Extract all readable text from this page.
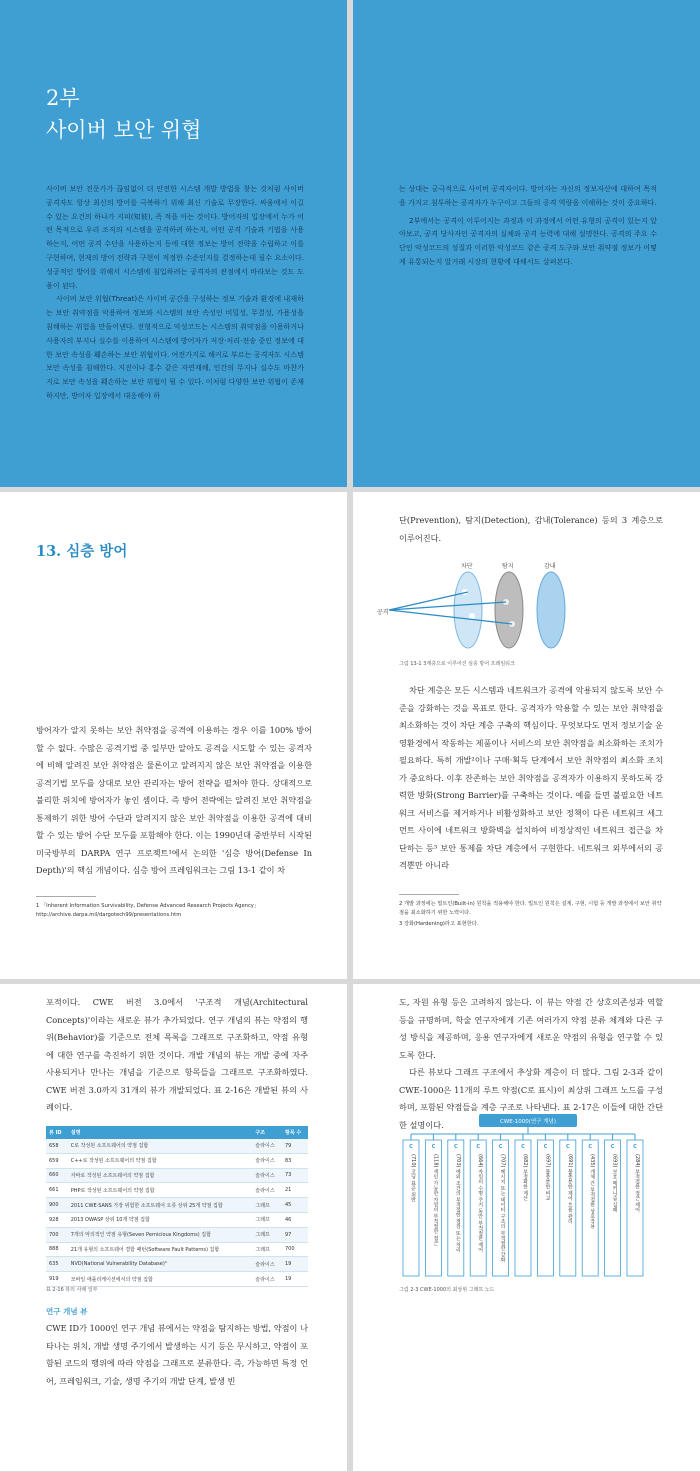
2부
사이버 보안 위협

사이버 보안 전문가가 끊임없이 더 안전한 시스템 개발 방법을 찾는 것처럼 사이버 공격자도 항상 최신의 방어를 극복하기 위해 최신 기술로 무장한다. 싸움에서 이길 수 있는 요건의 하나가 지피(知彼), 즉 적을 아는 것이다. 방어자의 입장에서 누가 어떤 목적으로 우리 조직의 시스템을 공격하려 하는지, 어떤 공격 기술과 기법을 사용하는지, 어떤 공격 수단을 사용하는지 등에 대한 정보는 방어 전략을 수립하고 이를 구현하며, 현재의 방어 전략과 구현이 적정한 수준인지를 결정하는데 필수 요소이다. 성공적인 방어를 위해서 시스템에 침입하려는 공격자의 관점에서 바라보는 것도 도움이 된다.

사이버 보안 위협(Threat)은 사이버 공간을 구성하는 정보 기술과 환경에 내재하는 보안 취약점을 악용하여 정보와 시스템의 보안 속성인 비밀성, 무결성, 가용성을 침해하는 위험을 만들어낸다. 전형적으로 악성코드는 시스템의 취약점을 이용하거나 사용자의 부지나 실수를 이용하여 시스템에 방어자가 저장·처리·전송 중인 정보에 대한 보안 속성을 훼손하는 보안 위협이다. 여전가지로 해커로 부르는 공격자도 시스템 보안 속성을 침해한다. 지진이나 홍수 같은 자연재해, 인간의 무지나 실수도 마찬가지로 보안 속성을 훼손하는 보안 위협이 될 수 있다. 이처럼 다양한 보안 위협이 존재하지만, 방어자 입장에서 대응해야 하

는 상대는 궁극적으로 사이버 공격자이다. 방어자는 자신의 정보자산에 대하여 목적을 가지고 침투하는 공격자가 누구이고 그들의 공격 역량을 이해하는 것이 중요하다.

2부에서는 공격이 이루어지는 과정과 이 과정에서 어떤 유형의 공격이 있는지 알아보고, 공격 당사자인 공격자의 실체와 공격 능력에 대해 설명한다. 공격의 주요 수단인 악성코드의 성질과 이러한 악성코드 같은 공격 도구와 보안 취약점 정보가 어떻게 유통되는지 알거래 시장의 현황에 대해서도 살펴본다.

13. 심층 방어

방어자가 알지 못하는 보안 취약점을 공격에 이용하는 경우 이를 100% 방어할 수 없다. 수많은 공격기법 중 일부만 알아도 공격을 시도할 수 있는 공격자에 비해 알려진 보안 취약점은 물론이고 알려지지 않은 보안 취약점을 이용한 공격기법 모두를 상대로 보안 관리자는 방어 전략을 펼쳐야 한다. 상대적으로 불리한 위치에 방어자가 놓인 셈이다. 즉 방어 전략에는 알려진 보안 취약점을 통제하기 위한 방어 수단과 알려지지 않은 보안 취약점을 이용한 공격에 대비할 수 있는 방어 수단 모두를 포함해야 한다. 이는 1990년대 중반부터 시작된 미국방부의 DARPA 연구 프로젝트¹에서 논의한 '심층 방어(Defense In Depth)'의 핵심 개념이다. 심층 방어 프레임워크는 그림 13-1 같이 차

1 「Inherent Information Survivability, Defense Advanced Research Projects Agency」 http://archive.darpa.mil/dargotech99/presentations.htm

단(Prevention), 탐지(Detection), 감내(Tolerance) 등의 3 계층으로 이루어진다.

차단	탐지	감내
공격
그림 13-1 3계층으로 이루어진 심층 방어 프레임워크

차단 계층은 모든 시스템과 네트워크가 공격에 악용되지 않도록 보안 수준을 강화하는 것을 목표로 한다. 공격자가 악용할 수 있는 보안 취약점을 최소화하는 것이 차단 계층 구축의 핵심이다. 무엇보다도 먼저 정보기술 운영환경에서 작동하는 제품이나 서비스의 보안 취약점을 최소화하는 조치가 필요하다. 특히 개발²이나 구매·획득 단계에서 보안 취약점의 최소화 조치가 중요하다. 이후 잔존하는 보안 취약점을 공격자가 이용하지 못하도록 강력한 방화(Strong Barrier)를 구축하는 것이다. 예를 들면 불필요한 네트워크 서비스를 제거하거나 비활성화하고 보안 정책이 다른 네트워크 세그먼트 사이에 네트워크 방화벽을 설치하여 비정상적인 네트워크 접근을 차단하는 등³ 보안 통제를 차단 계층에서 구현한다. 네트워크 외부에서의 공격뿐만 아니라

2 개발 과정에는 빌트인(Built-in) 원칙을 적용해야 한다. 빌트인 원칙은 설계, 구현, 시험 등 개발 과정에서 보안 취약점을 최소화하기 위한 노력이다.
3 강화(Hardening)라고 표현한다.

포적이다. CWE 버전 3.0에서 '구조적 개념(Architectural Concepts)'이라는 새로운 뷰가 추가되었다. 연구 개념의 뷰는 약점의 행위(Behavior)를 기준으로 전체 목록을 그래프로 구조화하고, 약점 유형에 대한 연구를 촉진하기 위한 것이다. 개발 개념의 뷰는 개발 중에 자주 사용되거나 만나는 개념을 기준으로 항목들을 그래프로 구조화하였다. CWE 버전 3.0까지 31개의 뷰가 개발되었다. 표 2-16은 개발된 뷰의 사례이다.

뷰 ID	설명	구조	항목 수
658	C로 작성된 소프트웨어의 약점 집합	슬라이스	79
659	C++로 작성된 소프트웨어의 약점 집합	슬라이스	83
660	자바로 작성된 소프트웨어의 약점 집합	슬라이스	73
661	PHP로 작성된 소프트웨어의 약점 집합	슬라이스	21
900	2011 CWE·SANS 가장 위험한 소프트웨어 오류 상위 25개 약점 집합	그래프	45
928	2013 OWASP 상위 10개 약점 집합	그래프	46
700	7개의 악의적인 약점 유형(Seven Pernicious Kingdoms) 집합	그래프	97
888	21개 유형의 소프트웨어 결함 패턴(Software Fault Patterns) 집합	그래프	700
635	NVD(National Vulnerability Database)⁴	슬라이스	19
919	모바일 애플리케이션에서의 약점 집합	슬라이스	19
표 2-16 뷰의 사례 일부
연구 개념 뷰

CWE ID가 1000인 연구 개념 뷰에서는 약점을 탐지하는 방법, 약점이 나타나는 위치, 개발 생명 주기에서 발생하는 시기 등은 무시하고, 약점이 포함된 코드의 행위에 따라 약점을 그래프로 분류한다. 즉, 가능하면 특정 언어, 프레임워크, 기술, 생명 주기의 개발 단계, 발생 빈

도, 자원 유형 등은 고려하지 않는다. 이 뷰는 약점 간 상호의존성과 역할 등을 규명하며, 학술 연구자에게 기존 여러가지 약점 분류 체계와 다른 구성 방식을 제공하며, 응용 연구자에게 새로운 약점의 유형을 연구할 수 있도록 한다.

다른 뷰보다 그래프 구조에서 추상화 계층이 더 많다. 그림 2-3과 같이 CWE-1000은 11개의 루트 약점(C로 표시)이 최상위 그래프 노드를 구성하며, 포함된 약점들을 계층 구조로 나타낸다. 표 2-17은 이들에 대한 간단한 설명이다.	CWE-1000(연구 개념)
C
(710) 코딩 표준 위반
C
(118) 색인 가능한 자원의 부적절한 접근
C
(703) 예외 조건의 부적절한 점검 또는 처리
C
(664) 자원의 수명 주기 동안 부적절한 제어
C
(707) 메시지 또는 데이터 구조의 부적절한 강화
C
(682) 부정확한 계산
C
(697) 불충분한 비교
C
(691) 불충분한 제어 흐름 관리
C
(435) 개체 간 부적절한 상호작용
C
(693) 보호 메커니즘 실패
C
(284) 부적절한 접근 제어
그림 2-3 CWE-1000의 최상위 그래프 노드
